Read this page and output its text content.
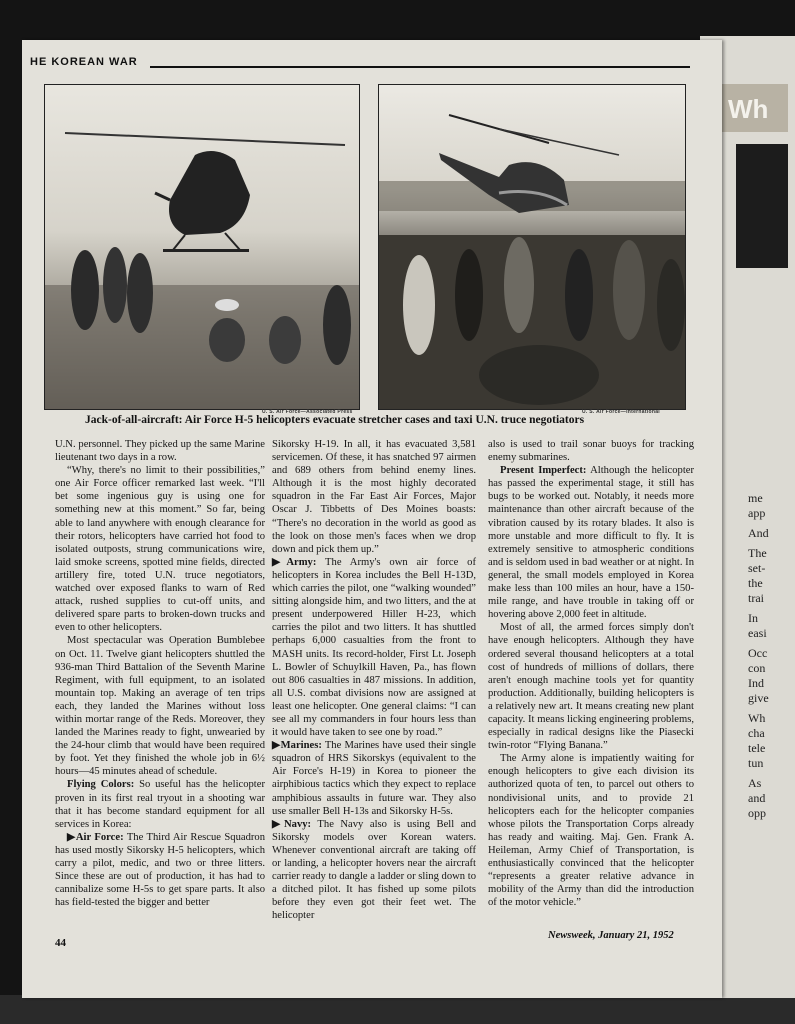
Wh
me
app
And
The
set-
the
trai
In
easi
Occ
con
Ind
give
Wh
cha
tele
tun
As
and
opp
HE KOREAN WAR
U. S. Air Force—Associated Press	U. S. Air Force—International
Jack-of-all-aircraft: Air Force H-5 helicopters evacuate stretcher cases and taxi U.N. truce negotiators

U.N. personnel. They picked up the same Marine lieutenant two days in a row.

“Why, there's no limit to their possibilities,” one Air Force officer remarked last week. “I'll bet some ingenious guy is using one for something new at this moment.” So far, being able to land anywhere with enough clearance for their rotors, helicopters have carried hot food to isolated outposts, strung communications wire, laid smoke screens, spotted mine fields, directed artillery fire, toted U.N. truce negotiators, watched over exposed flanks to warn of Red attack, rushed supplies to cut-off units, and delivered spare parts to broken-down trucks and even to other helicopters.

Most spectacular was Operation Bumblebee on Oct. 11. Twelve giant helicopters shuttled the 936-man Third Battalion of the Seventh Marine Regiment, with full equipment, to an isolated mountain top. Making an average of ten trips each, they landed the Marines without loss within mortar range of the Reds. Moreover, they landed the Marines ready to fight, unwearied by the 24-hour climb that would have been required by foot. Yet they finished the whole job in 6½ hours—45 minutes ahead of schedule.

Flying Colors: So useful has the helicopter proven in its first real tryout in a shooting war that it has become standard equipment for all services in Korea:

▶Air Force: The Third Air Rescue Squadron has used mostly Sikorsky H-5 helicopters, which carry a pilot, medic, and two or three litters. Since these are out of production, it has had to cannibalize some H-5s to get spare parts. It also has field-tested the bigger and better

Sikorsky H-19. In all, it has evacuated 3,581 servicemen. Of these, it has snatched 97 airmen and 689 others from behind enemy lines. Although it is the most highly decorated squadron in the Far East Air Forces, Major Oscar J. Tibbetts of Des Moines boasts: “There's no decoration in the world as good as the look on those men's faces when we drop down and pick them up.”

▶Army: The Army's own air force of helicopters in Korea includes the Bell H-13D, which carries the pilot, one “walking wounded” sitting alongside him, and two litters, and the at present underpowered Hiller H-23, which carries the pilot and two litters. It has shuttled perhaps 6,000 casualties from the front to MASH units. Its record-holder, First Lt. Joseph L. Bowler of Schuylkill Haven, Pa., has flown out 806 casualties in 487 missions. In addition, all U.S. combat divisions now are assigned at least one helicopter. One general claims: “I can see all my commanders in four hours less than it would have taken to see one by road.”

▶Marines: The Marines have used their single squadron of HRS Sikorskys (equivalent to the Air Force's H-19) in Korea to pioneer the airphibious tactics which they expect to replace amphibious assaults in future war. They also use smaller Bell H-13s and Sikorsky H-5s.

▶Navy: The Navy also is using Bell and Sikorsky models over Korean waters. Whenever conventional aircraft are taking off or landing, a helicopter hovers near the aircraft carrier ready to dangle a ladder or sling down to a ditched pilot. It has fished up some pilots before they even got their feet wet. The helicopter

also is used to trail sonar buoys for tracking enemy submarines.

Present Imperfect: Although the helicopter has passed the experimental stage, it still has bugs to be worked out. Notably, it needs more maintenance than other aircraft because of the vibration caused by its rotary blades. It also is more unstable and more difficult to fly. It is extremely sensitive to atmospheric conditions and is seldom used in bad weather or at night. In general, the small models employed in Korea make less than 100 miles an hour, have a 150-mile range, and have trouble in taking off or hovering above 2,000 feet in altitude.

Most of all, the armed forces simply don't have enough helicopters. Although they have ordered several thousand helicopters at a total cost of hundreds of millions of dollars, there aren't enough machine tools yet for quantity production. Additionally, building helicopters is a relatively new art. It means creating new plant capacity. It means licking engineering problems, especially in radical designs like the Piasecki twin-rotor “Flying Banana.”

The Army alone is impatiently waiting for enough helicopters to give each division its authorized quota of ten, to parcel out others to nondivisional units, and to provide 21 helicopters each for the helicopter companies whose pilots the Transportation Corps already has ready and waiting. Maj. Gen. Frank A. Heileman, Army Chief of Transportation, is enthusiastically convinced that the helicopter “represents a greater relative advance in mobility of the Army than did the introduction of the motor vehicle.”

44
Newsweek, January 21, 1952
